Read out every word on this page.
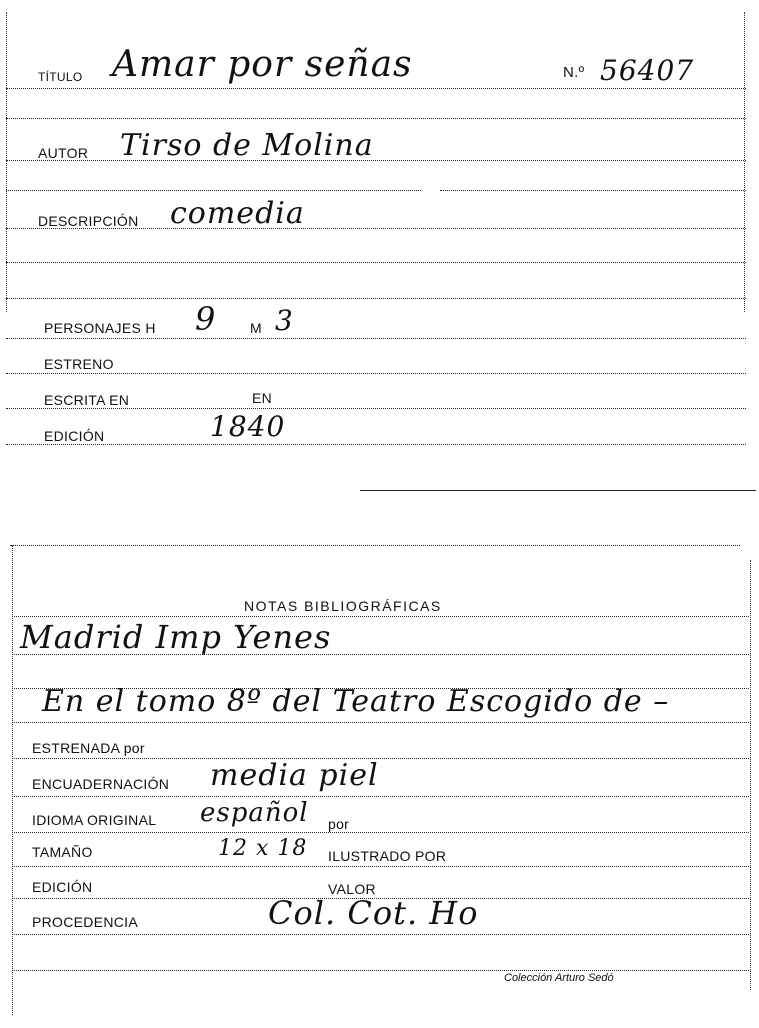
TÍTULO Amar por señas	N.º 56407
AUTOR Tirso de Molina
DESCRIPCIÓN comedia
PERSONAJES H 9 M 3
ESTRENO
ESCRITA EN	EN
EDICIÓN	1840
NOTAS BIBLIOGRÁFICAS
Madrid Imp Yenes
En el tomo 8º del Teatro Escogido de –
ESTRENADA por
ENCUADERNACIÓN media piel
IDIOMA ORIGINAL español por
TAMAÑO	12 x 18 ILUSTRADO POR
EDICIÓN	VALOR
PROCEDENCIA	Col. Cot. Ho
Colección Arturo Sedó
